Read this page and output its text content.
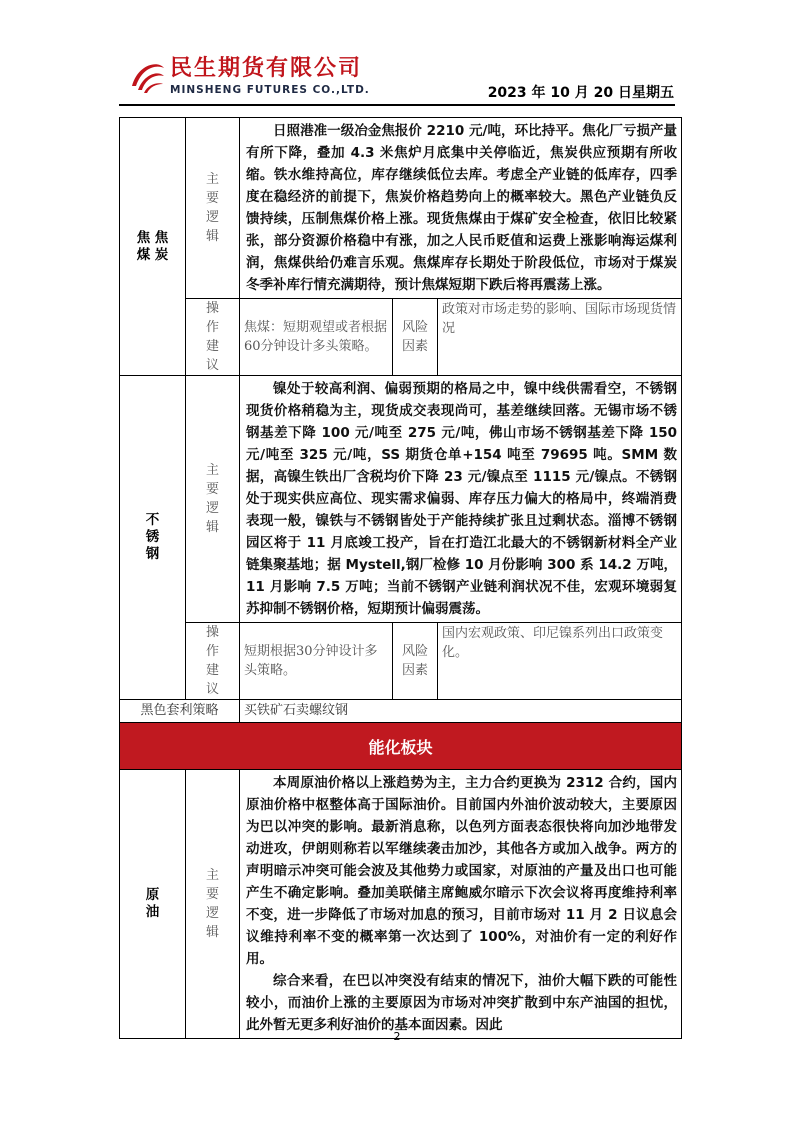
民生期货有限公司
MINSHENG FUTURES CO.,LTD.	2023 年 10 月 20 日星期五
焦煤
焦炭	主要逻辑	日照港准一级冶金焦报价 2210 元/吨，环比持平。焦化厂亏损产量有所下降，叠加 4.3 米焦炉月底集中关停临近，焦炭供应预期有所收缩。铁水维持高位，库存继续低位去库。考虑全产业链的低库存，四季度在稳经济的前提下，焦炭价格趋势向上的概率较大。黑色产业链负反馈持续，压制焦煤价格上涨。现货焦煤由于煤矿安全检查，依旧比较紧张，部分资源价格稳中有涨，加之人民币贬值和运费上涨影响海运煤利润，焦煤供给仍难言乐观。焦煤库存长期处于阶段低位，市场对于煤炭冬季补库行情充满期待，预计焦煤短期下跌后将再震荡上涨。		

	操作建议	焦煤：短期观望或者根据60分钟设计多头策略。	风险因素	政策对市场走势的影响、国际市场现货情况
不锈钢	主要逻辑	镍处于较高利润、偏弱预期的格局之中，镍中线供需看空，不锈钢现货价格稍稳为主，现货成交表现尚可，基差继续回落。无锡市场不锈钢基差下降 100 元/吨至 275 元/吨，佛山市场不锈钢基差下降 150 元/吨至 325 元/吨，SS 期货仓单+154 吨至 79695 吨。SMM 数据，高镍生铁出厂含税均价下降 23 元/镍点至 1115 元/镍点。不锈钢处于现实供应高位、现实需求偏弱、库存压力偏大的格局中，终端消费表现一般，镍铁与不锈钢皆处于产能持续扩张且过剩状态。淄博不锈钢园区将于 11 月底竣工投产，旨在打造江北最大的不锈钢新材料全产业链集聚基地；据 Mystell,钢厂检修 10 月份影响 300 系 14.2 万吨，11 月影响 7.5 万吨；当前不锈钢产业链利润状况不佳，宏观环境弱复苏抑制不锈钢价格，短期预计偏弱震荡。		

	操作建议	短期根据30分钟设计多头策略。	风险因素	国内宏观政策、印尼镍系列出口政策变化。
黑色套利策略		买铁矿石卖螺纹钢		
能化板块				
原油	主要逻辑	本周原油价格以上涨趋势为主，主力合约更换为 2312 合约，国内原油价格中枢整体高于国际油价。目前国内外油价波动较大，主要原因为巴以冲突的影响。最新消息称，以色列方面表态很快将向加沙地带发动进攻，伊朗则称若以军继续袭击加沙，其他各方或加入战争。两方的声明暗示冲突可能会波及其他势力或国家，对原油的产量及出口也可能产生不确定影响。叠加美联储主席鲍威尔暗示下次会议将再度维持利率不变，进一步降低了市场对加息的预习，目前市场对 11 月 2 日议息会议维持利率不变的概率第一次达到了 100%，对油价有一定的利好作用。

综合来看，在巴以冲突没有结束的情况下，油价大幅下跌的可能性较小，而油价上涨的主要原因为市场对冲突扩散到中东产油国的担忧，此外暂无更多利好油价的基本面因素。因此		

2
